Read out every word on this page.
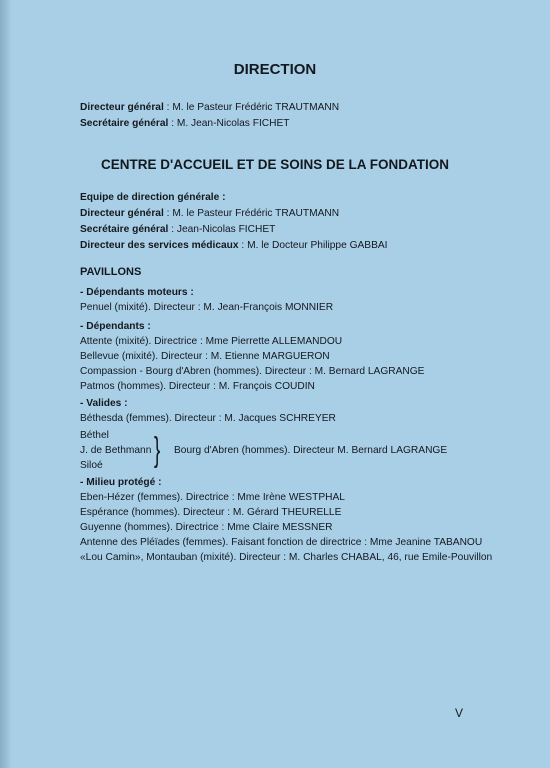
DIRECTION
Directeur général : M. le Pasteur Frédéric TRAUTMANN
Secrétaire général : M. Jean-Nicolas FICHET
CENTRE D'ACCUEIL ET DE SOINS DE LA FONDATION
Equipe de direction générale :
Directeur général : M. le Pasteur Frédéric TRAUTMANN
Secrétaire général : Jean-Nicolas FICHET
Directeur des services médicaux : M. le Docteur Philippe GABBAI
PAVILLONS
- Dépendants moteurs :
Penuel (mixité). Directeur : M. Jean-François MONNIER
- Dépendants :
Attente (mixité). Directrice : Mme Pierrette ALLEMANDOU
Bellevue (mixité). Directeur : M. Etienne MARGUERON
Compassion - Bourg d'Abren (hommes). Directeur : M. Bernard LAGRANGE
Patmos (hommes). Directeur : M. François COUDIN
- Valides :
Béthesda (femmes). Directeur : M. Jacques SCHREYER
Béthel
J. de Bethmann
Siloé } Bourg d'Abren (hommes). Directeur M. Bernard LAGRANGE
- Milieu protégé :
Eben-Hézer (femmes). Directrice : Mme Irène WESTPHAL
Espérance (hommes). Directeur : M. Gérard THEURELLE
Guyenne (hommes). Directrice : Mme Claire MESSNER
Antenne des Pléïades (femmes). Faisant fonction de directrice : Mme Jeanine TABANOU
«Lou Camin», Montauban (mixité). Directeur : M. Charles CHABAL, 46, rue Emile-Pouvillon
V
